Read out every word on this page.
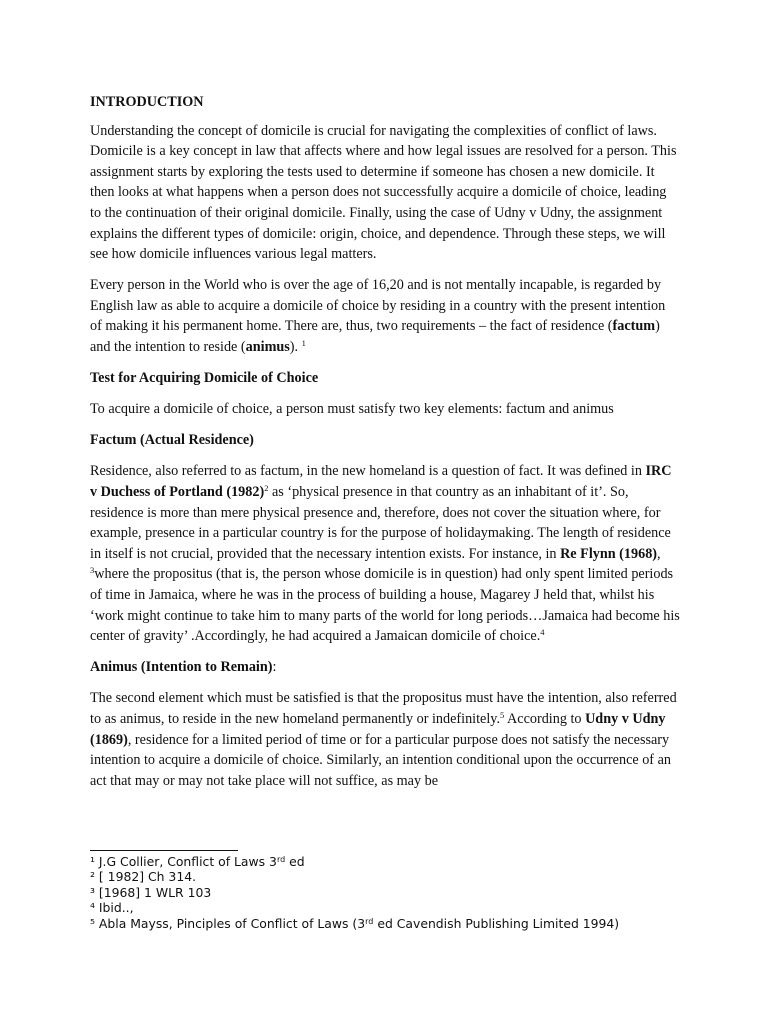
INTRODUCTION

Understanding the concept of domicile is crucial for navigating the complexities of conflict of laws. Domicile is a key concept in law that affects where and how legal issues are resolved for a person. This assignment starts by exploring the tests used to determine if someone has chosen a new domicile. It then looks at what happens when a person does not successfully acquire a domicile of choice, leading to the continuation of their original domicile. Finally, using the case of Udny v Udny, the assignment explains the different types of domicile: origin, choice, and dependence. Through these steps, we will see how domicile influences various legal matters.

Every person in the World who is over the age of 16,20 and is not mentally incapable, is regarded by English law as able to acquire a domicile of choice by residing in a country with the present intention of making it his permanent home. There are, thus, two requirements – the fact of residence (factum) and the intention to reside (animus). $^1$

Test for Acquiring Domicile of Choice

To acquire a domicile of choice, a person must satisfy two key elements: factum and animus

Factum (Actual Residence)

Residence, also referred to as factum, in the new homeland is a question of fact. It was defined in IRC v Duchess of Portland $(1982)^2$ as ‘physical presence in that country as an inhabitant of it’. So, residence is more than mere physical presence and, therefore, does not cover the situation where, for example, presence in a particular country is for the purpose of holidaymaking. The length of residence in itself is not crucial, provided that the necessary intention exists. For instance, in Re Flynn (1968), $^3$where the propositus (that is, the person whose domicile is in question) had only spent limited periods of time in Jamaica, where he was in the process of building a house, Magarey J held that, whilst his ‘work might continue to take him to many parts of the world for long periods…Jamaica had become his center of gravity’ .Accordingly, he had acquired a Jamaican domicile of choice.$^4$

Animus (Intention to Remain):

The second element which must be satisfied is that the propositus must have the intention, also referred to as animus, to reside in the new homeland permanently or indefinitely.$^5$ According to Udny v Udny (1869), residence for a limited period of time or for a particular purpose does not satisfy the necessary intention to acquire a domicile of choice. Similarly, an intention conditional upon the occurrence of an act that may or may not take place will not suffice, as may be

¹ J.G Collier, Conflict of Laws 3rd ed
² [ 1982] Ch 314.
³ [1968] 1 WLR 103
⁴ Ibid..,
⁵ Abla Mayss, Pinciples of Conflict of Laws (3rd ed Cavendish Publishing Limited 1994)
